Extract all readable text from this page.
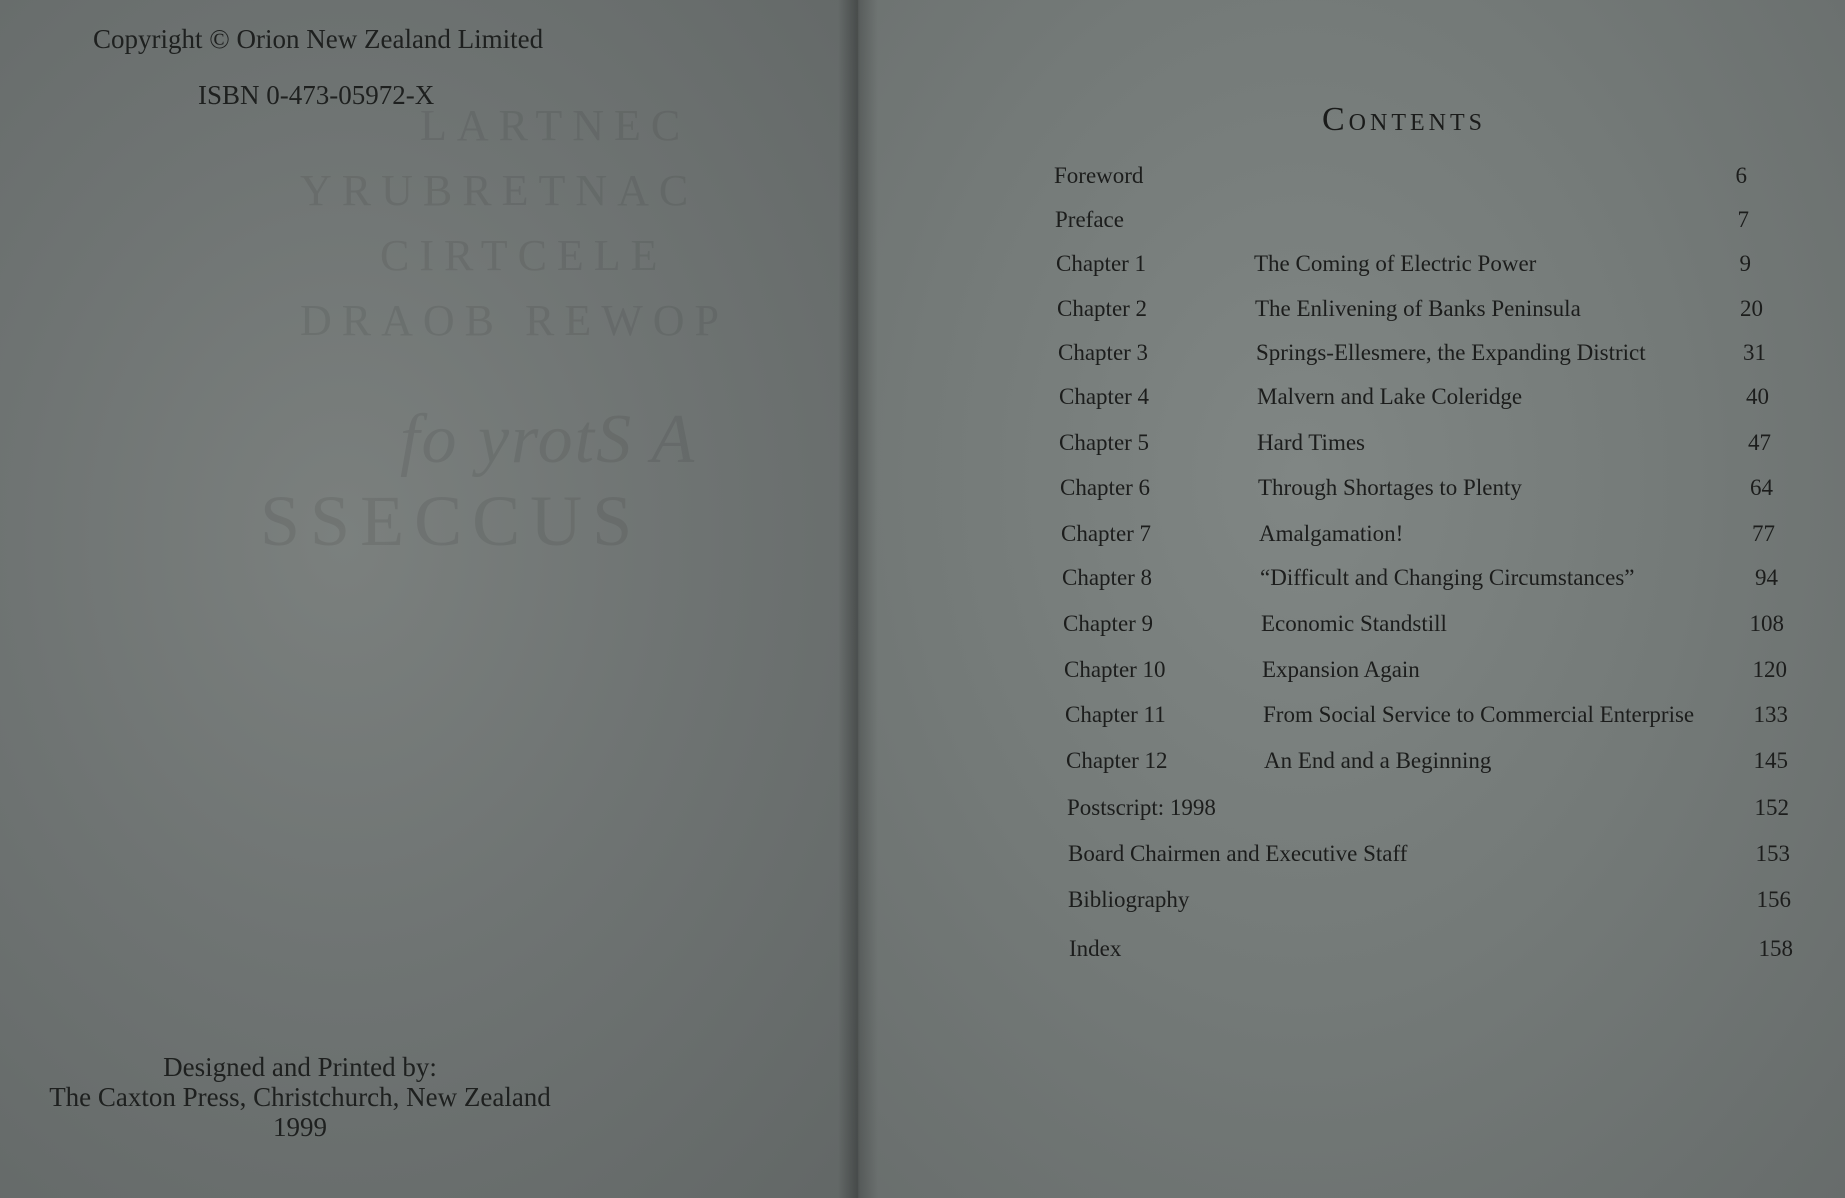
LARTNEC
YRUBRETNAC
CIRTCELE
DRAOB REWOP
fo yrotS A
SSECCUS
Copyright © Orion New Zealand Limited
ISBN 0-473-05972-X
Designed and Printed by:
The Caxton Press, Christchurch, New Zealand
1999
Contents
Foreword	6
Preface	7
Chapter 1	The Coming of Electric Power	9
Chapter 2	The Enlivening of Banks Peninsula	20
Chapter 3	Springs-Ellesmere, the Expanding District	31
Chapter 4	Malvern and Lake Coleridge	40
Chapter 5	Hard Times	47
Chapter 6	Through Shortages to Plenty	64
Chapter 7	Amalgamation!	77
Chapter 8	“Difficult and Changing Circumstances”	94
Chapter 9	Economic Standstill	108
Chapter 10	Expansion Again	120
Chapter 11	From Social Service to Commercial Enterprise	133
Chapter 12	An End and a Beginning	145
Postscript: 1998	152
Board Chairmen and Executive Staff	153
Bibliography	156
Index	158
